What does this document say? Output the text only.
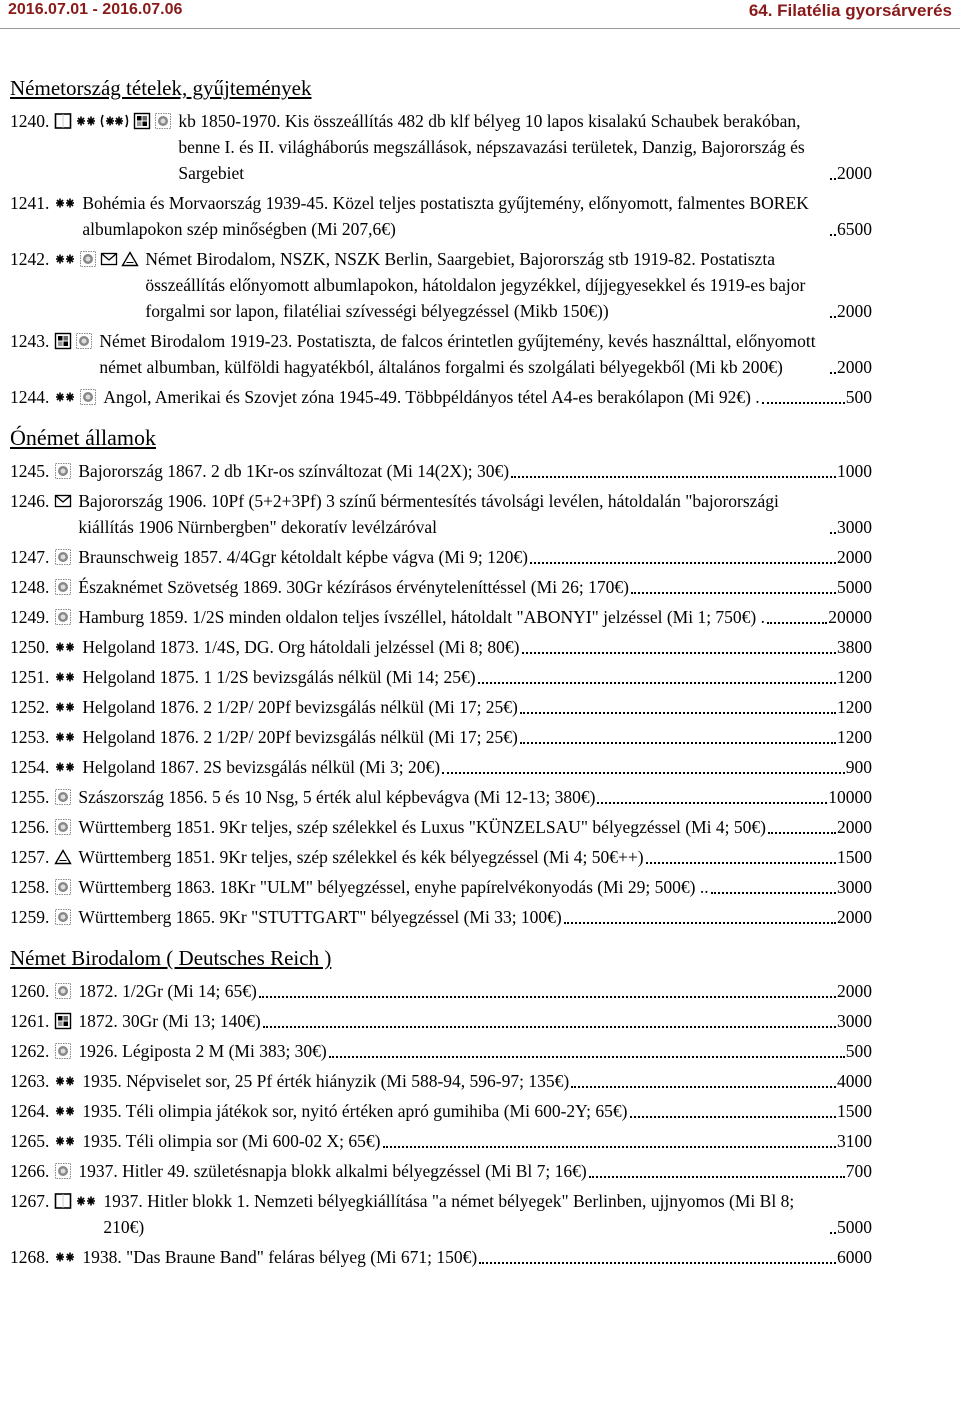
2016.07.01 - 2016.07.06	64. Filatélia gyorsárverés
Németország tételek, gyűjtemények
1240.	kb 1850-1970. Kis összeállítás 482 db klf bélyeg 10 lapos kisalakú Schaubek berakóban, benne I. és II. világháborús megszállások, népszavazási területek, Danzig, Bajorország és Sargebiet	2000
1241. Bohémia és Morvaország 1939-45. Közel teljes postatiszta gyűjtemény, előnyomott, falmentes BOREK albumlapokon szép minőségben (Mi 207,6€)	6500
1242.	Német Birodalom, NSZK, NSZK Berlin, Saargebiet, Bajorország stb 1919-82. Postatiszta összeállítás előnyomott albumlapokon, hátoldalon jegyzékkel, díjjegyesekkel és 1919-es bajor forgalmi sor lapon, filatéliai szívességi bélyegzéssel (Mikb 150€))	2000
1243.	Német Birodalom 1919-23. Postatiszta, de falcos érintetlen gyűjtemény, kevés használttal, előnyomott német albumban, külföldi hagyatékból, általános forgalmi és szolgálati bélyegekből (Mi kb 200€)	2000
1244.	Angol, Amerikai és Szovjet zóna 1945-49. Többpéldányos tétel A4-es berakólapon (Mi 92€) .	500
Ónémet államok
1245. Bajorország 1867. 2 db 1Kr-os színváltozat (Mi 14(2X); 30€)	1000
1246. Bajorország 1906. 10Pf (5+2+3Pf) 3 színű bérmentesítés távolsági levélen, hátoldalán "bajorországi kiállítás 1906 Nürnbergben" dekoratív levélzáróval	3000
1247. Braunschweig 1857. 4/4Ggr kétoldalt képbe vágva (Mi 9; 120€)	2000
1248. Északnémet Szövetség 1869. 30Gr kézírásos érvényteleníttéssel (Mi 26; 170€)	5000
1249. Hamburg 1859. 1/2S minden oldalon teljes ívszéllel, hátoldalt "ABONYI" jelzéssel (Mi 1; 750€) .	20000
1250. Helgoland 1873. 1/4S, DG. Org hátoldali jelzéssel (Mi 8; 80€)	3800
1251. Helgoland 1875. 1 1/2S bevizsgálás nélkül (Mi 14; 25€)	1200
1252. Helgoland 1876. 2 1/2P/ 20Pf bevizsgálás nélkül (Mi 17; 25€)	1200
1253. Helgoland 1876. 2 1/2P/ 20Pf bevizsgálás nélkül (Mi 17; 25€)	1200
1254. Helgoland 1867. 2S bevizsgálás nélkül (Mi 3; 20€)	900
1255. Szászország 1856. 5 és 10 Nsg, 5 érték alul képbevágva (Mi 12-13; 380€)	10000
1256. Württemberg 1851. 9Kr teljes, szép szélekkel és Luxus "KÜNZELSAU" bélyegzéssel (Mi 4; 50€)	2000
1257. Württemberg 1851. 9Kr teljes, szép szélekkel és kék bélyegzéssel (Mi 4; 50€++)	1500
1258. Württemberg 1863. 18Kr "ULM" bélyegzéssel, enyhe papírelvékonyodás (Mi 29; 500€) ..	3000
1259. Württemberg 1865. 9Kr "STUTTGART" bélyegzéssel (Mi 33; 100€)	2000
Német Birodalom ( Deutsches Reich )
1260. 1872. 1/2Gr (Mi 14; 65€)	2000
1261. 1872. 30Gr (Mi 13; 140€)	3000
1262. 1926. Légiposta 2 M (Mi 383; 30€)	500
1263. 1935. Népviselet sor, 25 Pf érték hiányzik (Mi 588-94, 596-97; 135€)	4000
1264. 1935. Téli olimpia játékok sor, nyitó értéken apró gumihiba (Mi 600-2Y; 65€)	1500
1265. 1935. Téli olimpia sor (Mi 600-02 X; 65€)	3100
1266. 1937. Hitler 49. születésnapja blokk alkalmi bélyegzéssel (Mi Bl 7; 16€)	700
1267.	1937. Hitler blokk 1. Nemzeti bélyegkiállítása "a német bélyegek" Berlinben, ujjnyomos (Mi Bl 8; 210€)	5000
1268. 1938. "Das Braune Band" feláras bélyeg (Mi 671; 150€)	6000
